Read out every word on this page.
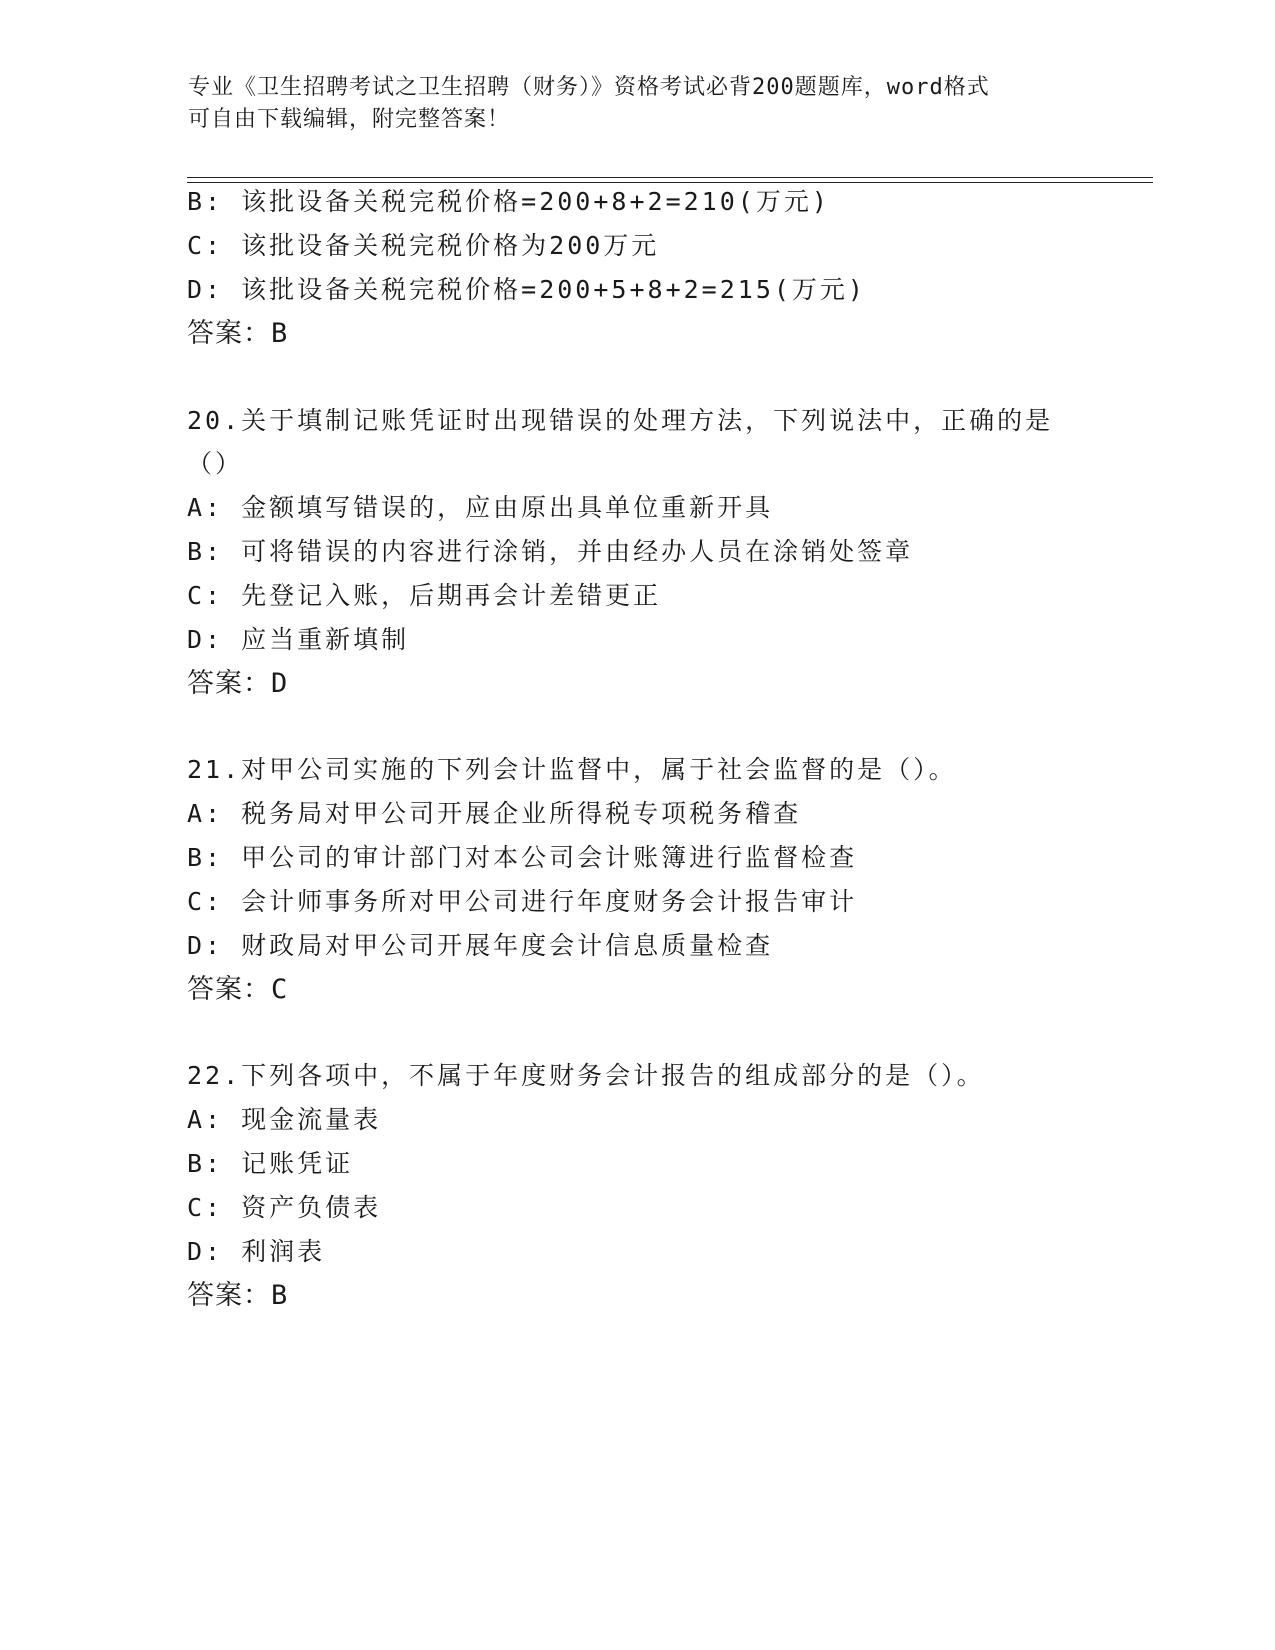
专业《卫生招聘考试之卫生招聘（财务）》资格考试必背200题题库，word格式
可自由下载编辑，附完整答案！
B: 该批设备关税完税价格=200+8+2=210(万元)
C: 该批设备关税完税价格为200万元
D: 该批设备关税完税价格=200+5+8+2=215(万元)
答案：B
20.关于填制记账凭证时出现错误的处理方法，下列说法中，正确的是
（）
A: 金额填写错误的，应由原出具单位重新开具
B: 可将错误的内容进行涂销，并由经办人员在涂销处签章
C: 先登记入账，后期再会计差错更正
D: 应当重新填制
答案：D
21.对甲公司实施的下列会计监督中，属于社会监督的是（）。
A: 税务局对甲公司开展企业所得税专项税务稽查
B: 甲公司的审计部门对本公司会计账簿进行监督检查
C: 会计师事务所对甲公司进行年度财务会计报告审计
D: 财政局对甲公司开展年度会计信息质量检查
答案：C
22.下列各项中，不属于年度财务会计报告的组成部分的是（）。
A: 现金流量表
B: 记账凭证
C: 资产负债表
D: 利润表
答案：B
